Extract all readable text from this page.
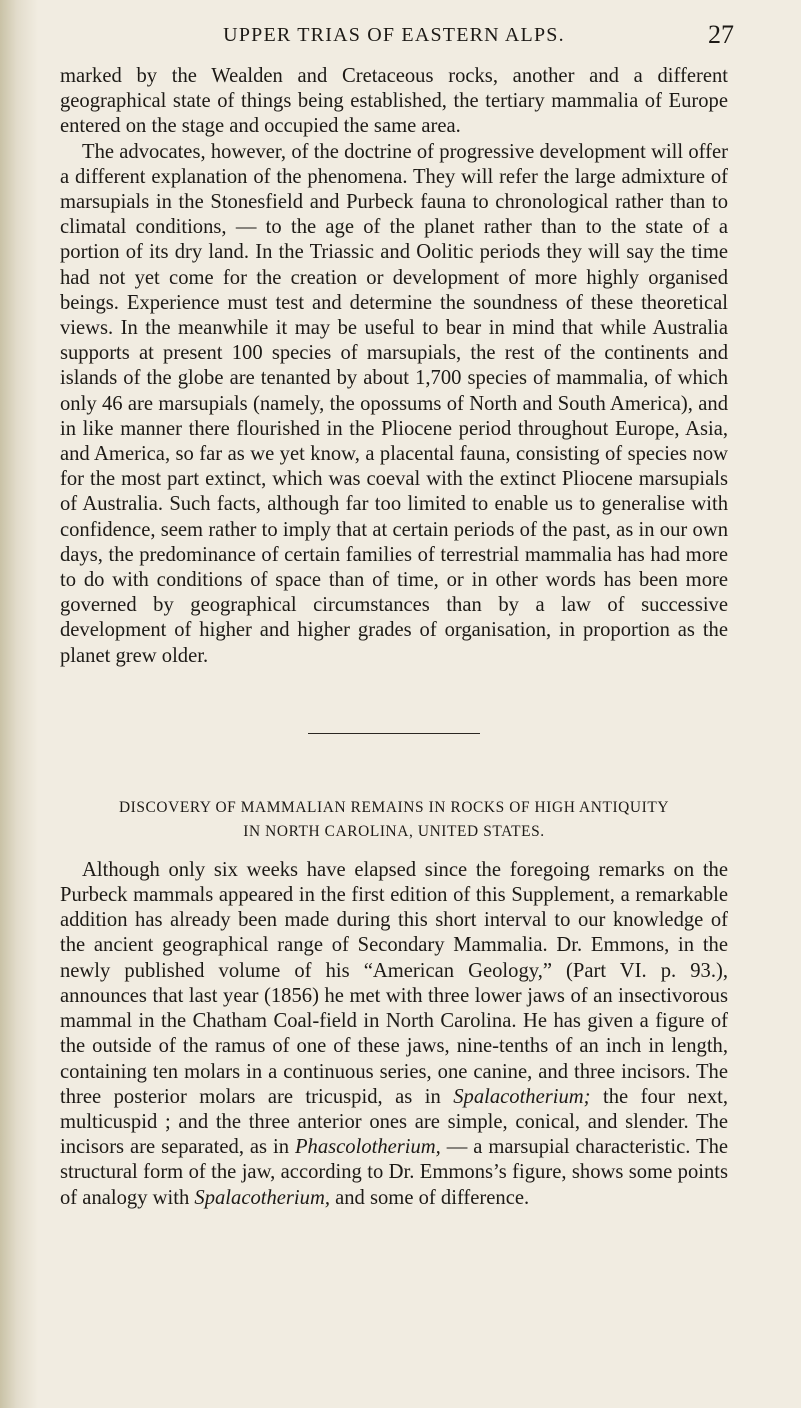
UPPER TRIAS OF EASTERN ALPS.	27

marked by the Wealden and Cretaceous rocks, another and a different geographical state of things being established, the tertiary mammalia of Europe entered on the stage and occupied the same area.

The advocates, however, of the doctrine of progressive development will offer a different explanation of the phenomena. They will refer the large admixture of marsupials in the Stonesfield and Purbeck fauna to chronological rather than to climatal conditions, — to the age of the planet rather than to the state of a portion of its dry land. In the Triassic and Oolitic periods they will say the time had not yet come for the creation or development of more highly organised beings. Experience must test and determine the soundness of these theoretical views. In the meanwhile it may be useful to bear in mind that while Australia supports at present 100 species of marsupials, the rest of the continents and islands of the globe are tenanted by about 1,700 species of mammalia, of which only 46 are marsupials (namely, the opossums of North and South America), and in like manner there flourished in the Pliocene period throughout Europe, Asia, and America, so far as we yet know, a placental fauna, consisting of species now for the most part extinct, which was coeval with the extinct Pliocene marsupials of Australia. Such facts, although far too limited to enable us to generalise with confidence, seem rather to imply that at certain periods of the past, as in our own days, the predominance of certain families of terrestrial mammalia has had more to do with conditions of space than of time, or in other words has been more governed by geographical circumstances than by a law of successive development of higher and higher grades of organisation, in proportion as the planet grew older.

DISCOVERY OF MAMMALIAN REMAINS IN ROCKS OF HIGH ANTIQUITY
IN NORTH CAROLINA, UNITED STATES.

Although only six weeks have elapsed since the foregoing remarks on the Purbeck mammals appeared in the first edition of this Supplement, a remarkable addition has already been made during this short interval to our knowledge of the ancient geographical range of Secondary Mammalia. Dr. Emmons, in the newly published volume of his “American Geology,” (Part VI. p. 93.), announces that last year (1856) he met with three lower jaws of an insectivorous mammal in the Chatham Coal-field in North Carolina. He has given a figure of the outside of the ramus of one of these jaws, nine-tenths of an inch in length, containing ten molars in a continuous series, one canine, and three incisors. The three posterior molars are tricuspid, as in Spalacotherium; the four next, multicuspid ; and the three anterior ones are simple, conical, and slender. The incisors are separated, as in Phascolotherium, — a marsupial characteristic. The structural form of the jaw, according to Dr. Emmons’s figure, shows some points of analogy with Spalacotherium, and some of difference.
